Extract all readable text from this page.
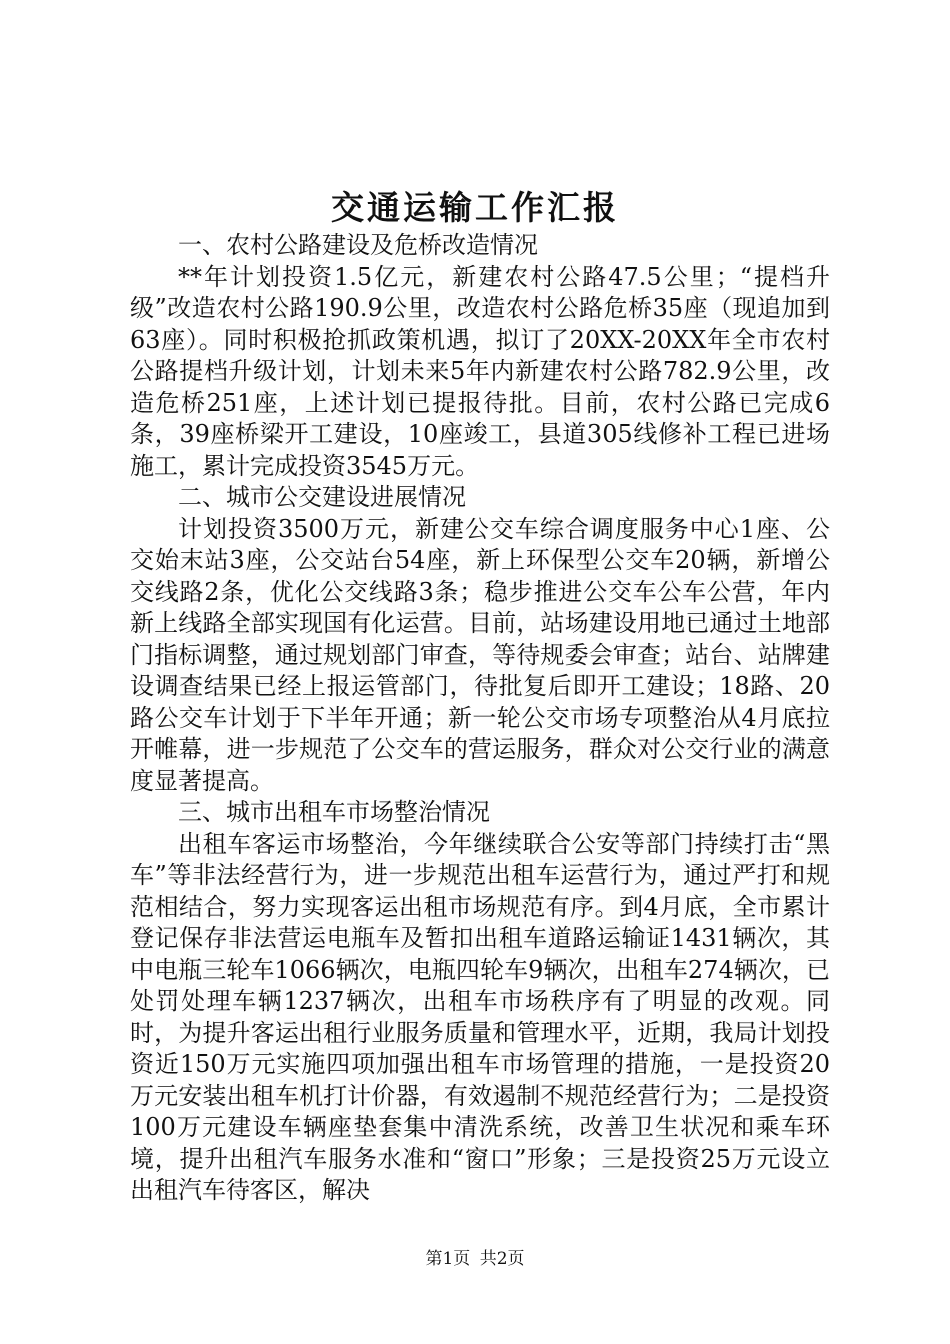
交通运输工作汇报

一、农村公路建设及危桥改造情况

**年计划投资1.5亿元，新建农村公路47.5公里；“提档升级”改造农村公路190.9公里，改造农村公路危桥35座（现追加到63座）。同时积极抢抓政策机遇，拟订了20XX-20XX年全市农村公路提档升级计划，计划未来5年内新建农村公路782.9公里，改造危桥251座，上述计划已提报待批。目前，农村公路已完成6条，39座桥梁开工建设，10座竣工，县道305线修补工程已进场施工，累计完成投资3545万元。

二、城市公交建设进展情况

计划投资3500万元，新建公交车综合调度服务中心1座、公交始末站3座，公交站台54座，新上环保型公交车20辆，新增公交线路2条，优化公交线路3条；稳步推进公交车公车公营，年内新上线路全部实现国有化运营。目前，站场建设用地已通过土地部门指标调整，通过规划部门审查，等待规委会审查；站台、站牌建设调查结果已经上报运管部门，待批复后即开工建设；18路、20路公交车计划于下半年开通；新一轮公交市场专项整治从4月底拉开帷幕，进一步规范了公交车的营运服务，群众对公交行业的满意度显著提高。

三、城市出租车市场整治情况

出租车客运市场整治，今年继续联合公安等部门持续打击“黑车”等非法经营行为，进一步规范出租车运营行为，通过严打和规范相结合，努力实现客运出租市场规范有序。到4月底，全市累计登记保存非法营运电瓶车及暂扣出租车道路运输证1431辆次，其中电瓶三轮车1066辆次，电瓶四轮车9辆次，出租车274辆次，已处罚处理车辆1237辆次，出租车市场秩序有了明显的改观。同时，为提升客运出租行业服务质量和管理水平，近期，我局计划投资近150万元实施四项加强出租车市场管理的措施，一是投资20万元安装出租车机打计价器，有效遏制不规范经营行为；二是投资100万元建设车辆座垫套集中清洗系统，改善卫生状况和乘车环境，提升出租汽车服务水准和“窗口”形象；三是投资25万元设立出租汽车待客区，解决

第1页 共2页
